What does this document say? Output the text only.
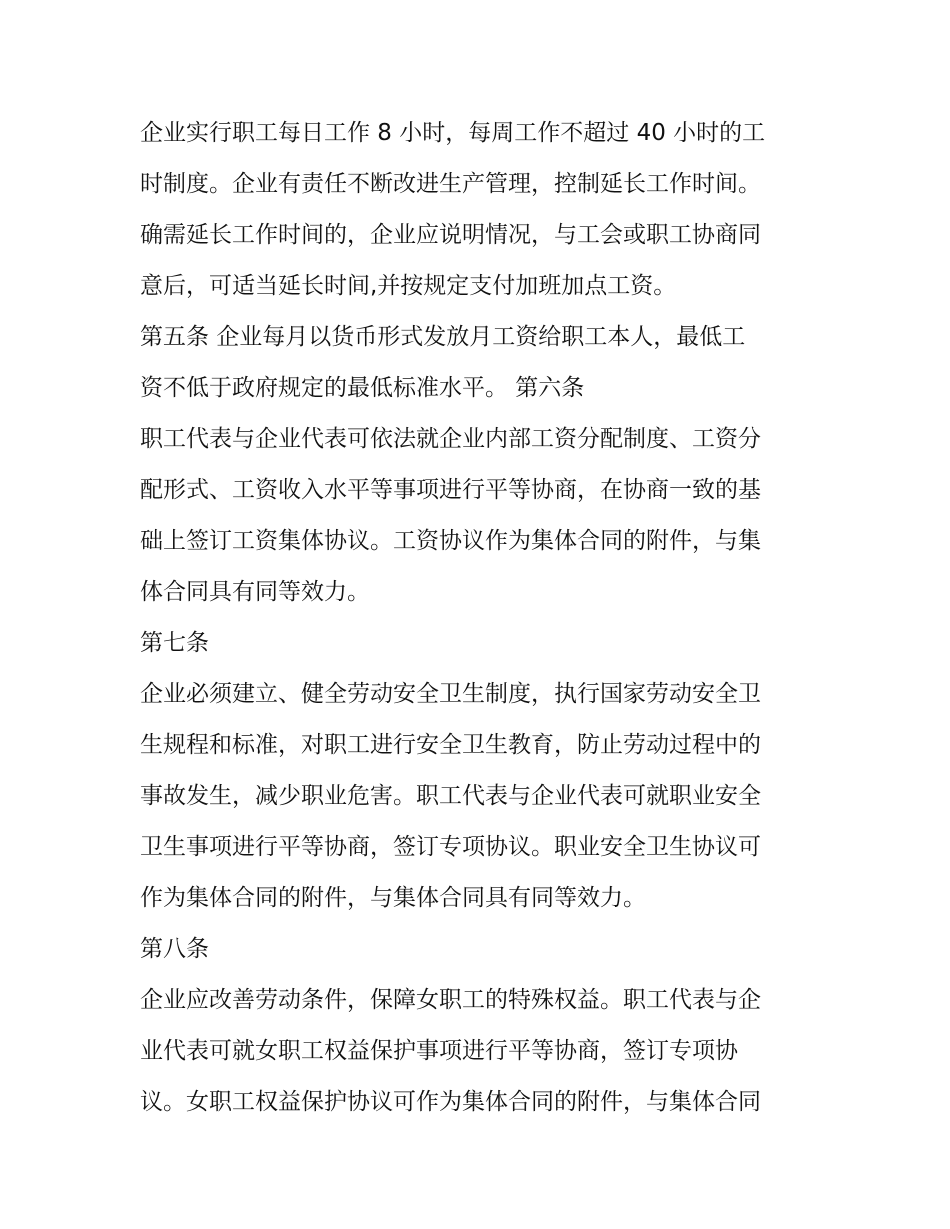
企业实行职工每日工作 8 小时，每周工作不超过 40 小时的工
时制度。企业有责任不断改进生产管理，控制延长工作时间。
确需延长工作时间的，企业应说明情况，与工会或职工协商同
意后，可适当延长时间,并按规定支付加班加点工资。
第五条 企业每月以货币形式发放月工资给职工本人，最低工
资不低于政府规定的最低标准水平。 第六条
职工代表与企业代表可依法就企业内部工资分配制度、工资分
配形式、工资收入水平等事项进行平等协商，在协商一致的基
础上签订工资集体协议。工资协议作为集体合同的附件，与集
体合同具有同等效力。
第七条
企业必须建立、健全劳动安全卫生制度，执行国家劳动安全卫
生规程和标准，对职工进行安全卫生教育，防止劳动过程中的
事故发生，减少职业危害。职工代表与企业代表可就职业安全
卫生事项进行平等协商，签订专项协议。职业安全卫生协议可
作为集体合同的附件，与集体合同具有同等效力。
第八条
企业应改善劳动条件，保障女职工的特殊权益。职工代表与企
业代表可就女职工权益保护事项进行平等协商，签订专项协
议。女职工权益保护协议可作为集体合同的附件，与集体合同
